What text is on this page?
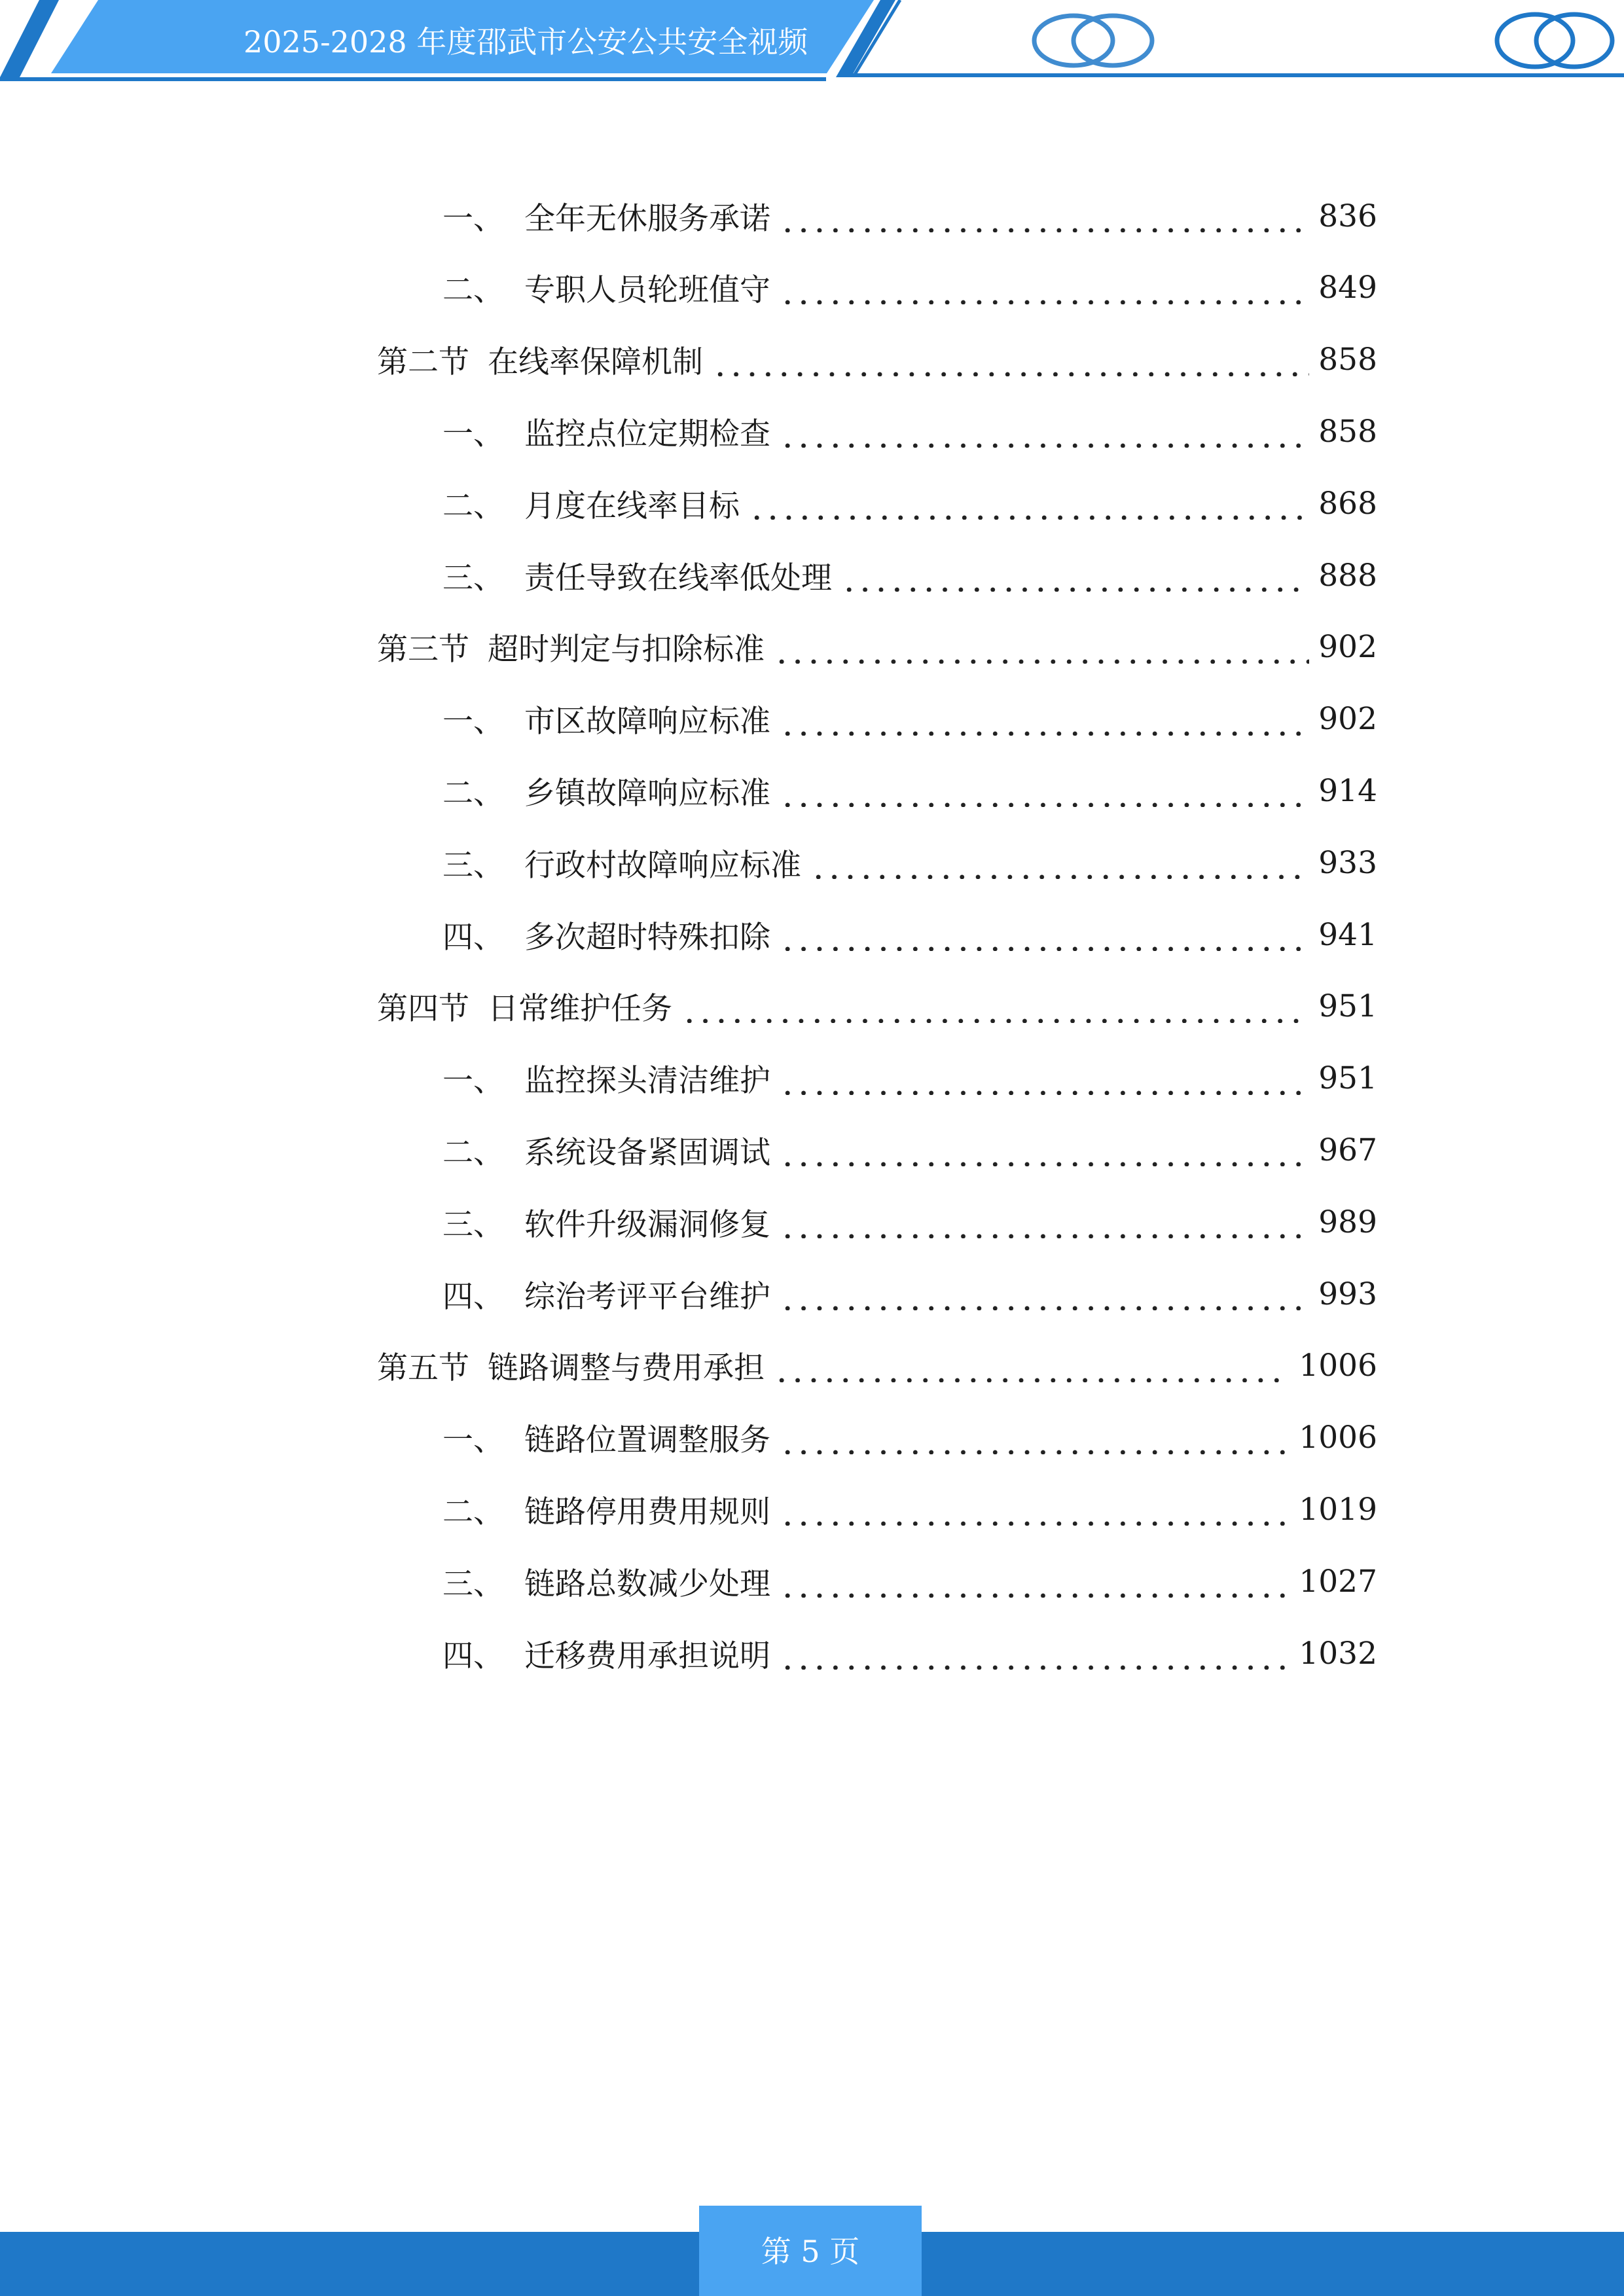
2025-2028 年度邵武市公安公共安全视频
一、 全年无休服务承诺	836
二、 专职人员轮班值守	849
第二节 在线率保障机制	858
一、 监控点位定期检查	858
二、 月度在线率目标	868
三、 责任导致在线率低处理	888
第三节 超时判定与扣除标准	902
一、 市区故障响应标准	902
二、 乡镇故障响应标准	914
三、 行政村故障响应标准	933
四、 多次超时特殊扣除	941
第四节 日常维护任务	951
一、 监控探头清洁维护	951
二、 系统设备紧固调试	967
三、 软件升级漏洞修复	989
四、 综治考评平台维护	993
第五节 链路调整与费用承担	1006
一、 链路位置调整服务	1006
二、 链路停用费用规则	1019
三、 链路总数减少处理	1027
四、 迁移费用承担说明	1032
第 5 页
